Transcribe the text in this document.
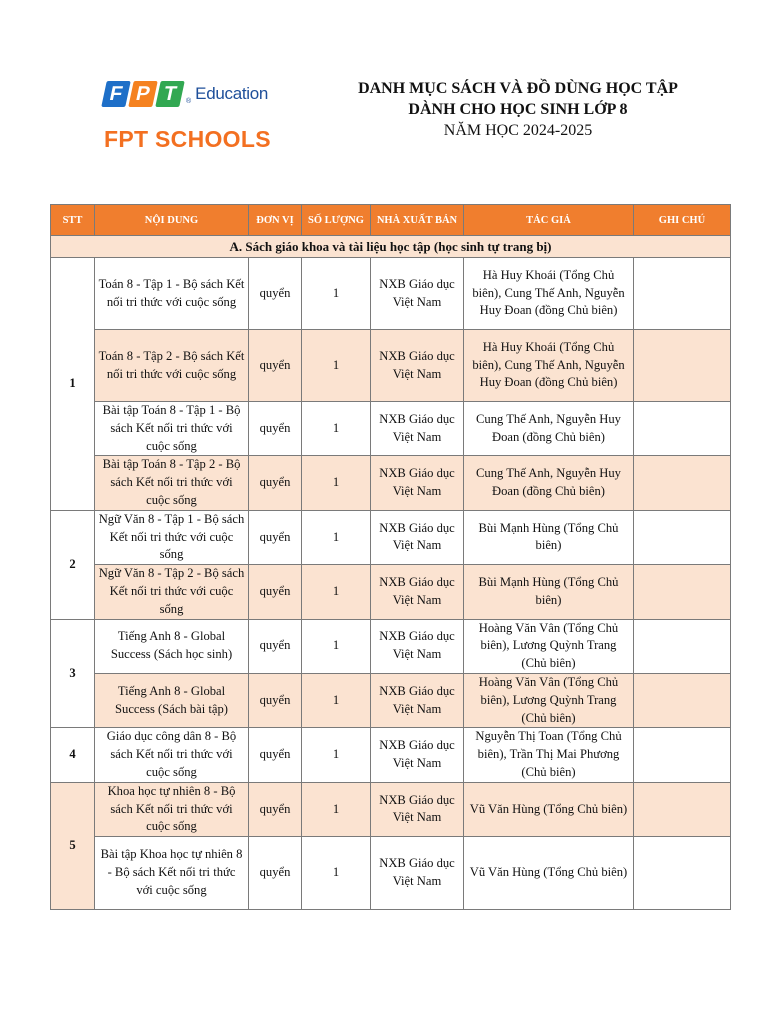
F P T	® Education
FPT SCHOOLS
DANH MỤC SÁCH VÀ ĐỒ DÙNG HỌC TẬP
DÀNH CHO HỌC SINH LỚP 8
NĂM HỌC 2024-2025
STT	NỘI DUNG	ĐƠN VỊ	SỐ LƯỢNG	NHÀ XUẤT BẢN	TÁC GIẢ	GHI CHÚ
A. Sách giáo khoa và tài liệu học tập (học sinh tự trang bị)						
1	Toán 8 - Tập 1 - Bộ sách Kết nối tri thức với cuộc sống	quyển	1	NXB Giáo dục Việt Nam	Hà Huy Khoái (Tổng Chủ biên), Cung Thế Anh, Nguyễn Huy Đoan (đồng Chủ biên)	
	Toán 8 - Tập 2 - Bộ sách Kết nối tri thức với cuộc sống	quyển	1	NXB Giáo dục Việt Nam	Hà Huy Khoái (Tổng Chủ biên), Cung Thế Anh, Nguyễn Huy Đoan (đồng Chủ biên)	
	Bài tập Toán 8 - Tập 1 - Bộ sách Kết nối tri thức với cuộc sống	quyển	1	NXB Giáo dục Việt Nam	Cung Thế Anh, Nguyễn Huy Đoan (đồng Chủ biên)	
	Bài tập Toán 8 - Tập 2 - Bộ sách Kết nối tri thức với cuộc sống	quyển	1	NXB Giáo dục Việt Nam	Cung Thế Anh, Nguyễn Huy Đoan (đồng Chủ biên)	
2	Ngữ Văn 8 - Tập 1 - Bộ sách Kết nối tri thức với cuộc sống	quyển	1	NXB Giáo dục Việt Nam	Bùi Mạnh Hùng (Tổng Chủ biên)	
	Ngữ Văn 8 - Tập 2 - Bộ sách Kết nối tri thức với cuộc sống	quyển	1	NXB Giáo dục Việt Nam	Bùi Mạnh Hùng (Tổng Chủ biên)	
3	Tiếng Anh 8 - Global Success (Sách học sinh)	quyển	1	NXB Giáo dục Việt Nam	Hoàng Văn Vân (Tổng Chủ biên), Lương Quỳnh Trang (Chủ biên)	
	Tiếng Anh 8 - Global Success (Sách bài tập)	quyển	1	NXB Giáo dục Việt Nam	Hoàng Văn Vân (Tổng Chủ biên), Lương Quỳnh Trang (Chủ biên)	
4	Giáo dục công dân 8 - Bộ sách Kết nối tri thức với cuộc sống	quyển	1	NXB Giáo dục Việt Nam	Nguyễn Thị Toan (Tổng Chủ biên), Trần Thị Mai Phương (Chủ biên)	
5	Khoa học tự nhiên 8 - Bộ sách Kết nối tri thức với cuộc sống	quyển	1	NXB Giáo dục Việt Nam	Vũ Văn Hùng (Tổng Chủ biên)	
	Bài tập Khoa học tự nhiên 8 - Bộ sách Kết nối tri thức với cuộc sống	quyển	1	NXB Giáo dục Việt Nam	Vũ Văn Hùng (Tổng Chủ biên)	
